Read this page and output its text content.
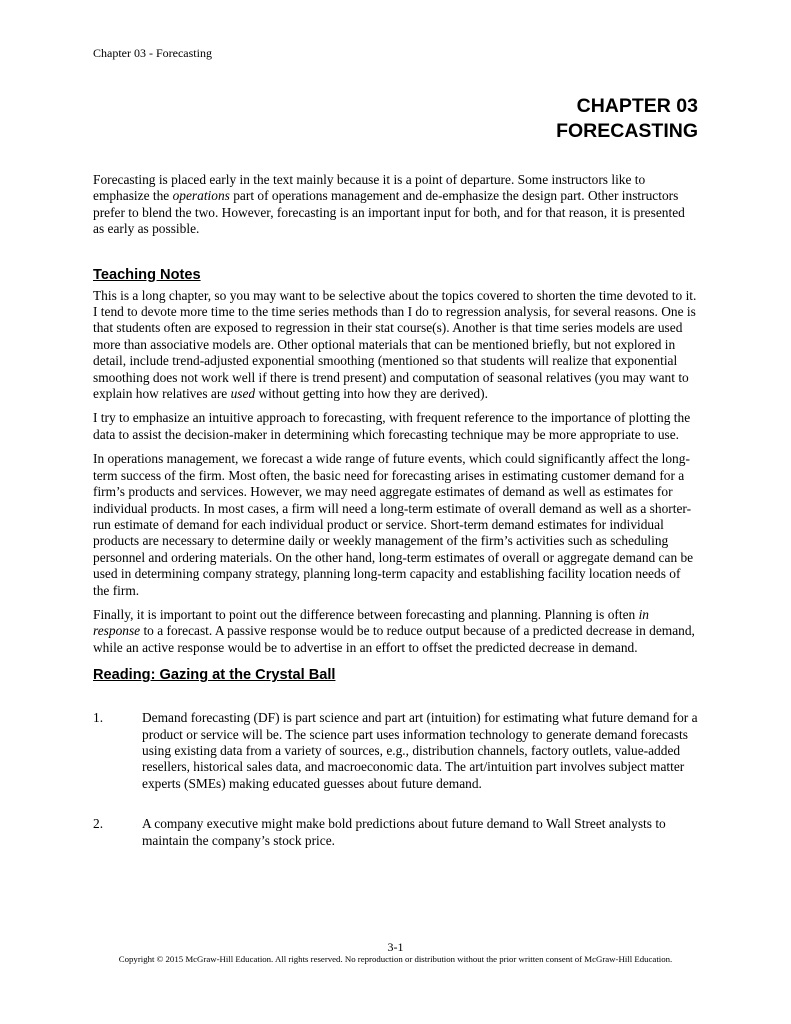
Chapter 03 - Forecasting
CHAPTER 03
FORECASTING

Forecasting is placed early in the text mainly because it is a point of departure. Some instructors like to emphasize the operations part of operations management and de-emphasize the design part. Other instructors prefer to blend the two. However, forecasting is an important input for both, and for that reason, it is presented as early as possible.

Teaching Notes

This is a long chapter, so you may want to be selective about the topics covered to shorten the time devoted to it. I tend to devote more time to the time series methods than I do to regression analysis, for several reasons. One is that students often are exposed to regression in their stat course(s). Another is that time series models are used more than associative models are. Other optional materials that can be mentioned briefly, but not explored in detail, include trend-adjusted exponential smoothing (mentioned so that students will realize that exponential smoothing does not work well if there is trend present) and computation of seasonal relatives (you may want to explain how relatives are used without getting into how they are derived).

I try to emphasize an intuitive approach to forecasting, with frequent reference to the importance of plotting the data to assist the decision-maker in determining which forecasting technique may be more appropriate to use.

In operations management, we forecast a wide range of future events, which could significantly affect the long-term success of the firm. Most often, the basic need for forecasting arises in estimating customer demand for a firm’s products and services. However, we may need aggregate estimates of demand as well as estimates for individual products. In most cases, a firm will need a long-term estimate of overall demand as well as a shorter-run estimate of demand for each individual product or service. Short-term demand estimates for individual products are necessary to determine daily or weekly management of the firm’s activities such as scheduling personnel and ordering materials. On the other hand, long-term estimates of overall or aggregate demand can be used in determining company strategy, planning long-term capacity and establishing facility location needs of the firm.

Finally, it is important to point out the difference between forecasting and planning. Planning is often in response to a forecast. A passive response would be to reduce output because of a predicted decrease in demand, while an active response would be to advertise in an effort to offset the predicted decrease in demand.

Reading: Gazing at the Crystal Ball
1.	Demand forecasting (DF) is part science and part art (intuition) for estimating what future demand for a product or service will be. The science part uses information technology to generate demand forecasts using existing data from a variety of sources, e.g., distribution channels, factory outlets, value-added resellers, historical sales data, and macroeconomic data. The art/intuition part involves subject matter experts (SMEs) making educated guesses about future demand.
2.	A company executive might make bold predictions about future demand to Wall Street analysts to maintain the company’s stock price.
3-1
Copyright © 2015 McGraw-Hill Education. All rights reserved. No reproduction or distribution without the prior written consent of McGraw-Hill Education.
